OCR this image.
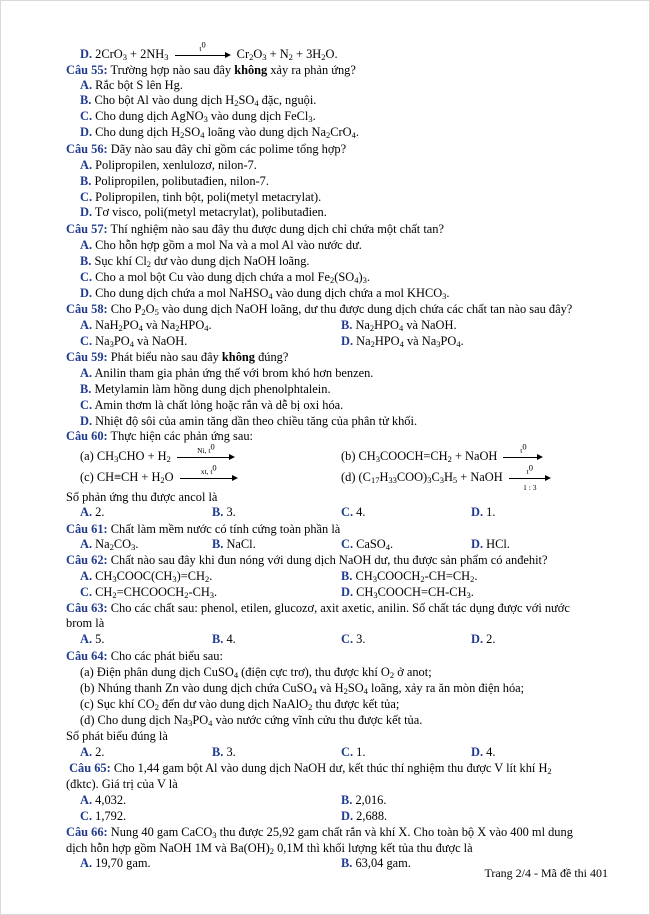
D. $2CrO_3 + 2NH_3$
$t^0$
$Cr_2O_3 + N_2 + 3H_2O$.
Câu 55: Trường hợp nào sau đây không xảy ra phản ứng?
A. Rắc bột S lên Hg.
B. Cho bột Al vào dung dịch $H_2SO_4$ đặc, nguội.
C. Cho dung dịch AgNO$_3$ vào dung dịch FeCl$_3$.
D. Cho dung dịch $H_2SO_4$ loãng vào dung dịch $Na_2CrO_4$.
Câu 56: Dãy nào sau đây chỉ gồm các polime tổng hợp?
A. Polipropilen, xenlulozơ, nilon-7.
B. Polipropilen, polibutađien, nilon-7.
C. Polipropilen, tinh bột, poli(metyl metacrylat).
D. Tơ visco, poli(metyl metacrylat), polibutađien.
Câu 57: Thí nghiệm nào sau đây thu được dung dịch chỉ chứa một chất tan?
A. Cho hỗn hợp gồm a mol Na và a mol Al vào nước dư.
B. Sục khí $Cl_2$ dư vào dung dịch NaOH loãng.
C. Cho a mol bột Cu vào dung dịch chứa a mol $Fe_2(SO_4)_3$.
D. Cho dung dịch chứa a mol NaHSO$_4$ vào dung dịch chứa a mol $KHCO_3$.
Câu 58: Cho $P_2O_5$ vào dung dịch NaOH loãng, dư thu được dung dịch chứa các chất tan nào sau đây?
A. $NaH_2PO_4$ và $Na_2HPO_4$.	B. $Na_2HPO_4$ và NaOH.
C. $Na_3PO_4$ và NaOH.	D. $Na_2HPO_4$ và $Na_3PO_4$.
Câu 59: Phát biểu nào sau đây không đúng?
A. Anilin tham gia phản ứng thế với brom khó hơn benzen.
B. Metylamin làm hồng dung dịch phenolphtalein.
C. Amin thơm là chất lỏng hoặc rắn và dễ bị oxi hóa.
D. Nhiệt độ sôi của amin tăng dần theo chiều tăng của phân tử khối.
Câu 60: Thực hiện các phản ứng sau:
(a) $CH_3CHO + H_2$
Ni, $t^0$
(b) $CH_3COOCH=CH_2$ + NaOH	$t^0$
(c) $CH\equiv CH + H_2O$	xt, $t^0$
(d) $(C_{17}H_{33}COO)_3C_3H_5$ + NaOH $\frac{t^0}{1 : 3}$
Số phản ứng thu được ancol là
A. 2.	B. 3.	C. 4.	D. 1.
Câu 61: Chất làm mềm nước có tính cứng toàn phần là
A. $Na_2CO_3$.	B. NaCl.	C. CaSO$_4$.	D. HCl.
Câu 62: Chất nào sau đây khi đun nóng với dung dịch NaOH dư, thu được sản phẩm có anđehit?
A. $CH_3COOC(CH_3)=CH_2$.	B. $CH_3COOCH_2-CH=CH_2$.
C. $CH_2=CHCOOCH_2-CH_3$.	D. $CH_3COOCH=CH-CH_3$.
Câu 63: Cho các chất sau: phenol, etilen, glucozơ, axit axetic, anilin. Số chất tác dụng được với nước
brom là
A. 5.	B. 4.	C. 3.	D. 2.
Câu 64: Cho các phát biểu sau:
(a) Điện phân dung dịch CuSO$_4$ (điện cực trơ), thu được khí $O_2$ ở anot;
(b) Nhúng thanh Zn vào dung dịch chứa CuSO$_4$ và $H_2SO_4$ loãng, xảy ra ăn mòn điện hóa;
(c) Sục khí $CO_2$ đến dư vào dung dịch NaAlO$_2$ thu được kết tủa;
(d) Cho dung dịch $Na_3PO_4$ vào nước cứng vĩnh cửu thu được kết tủa.
Số phát biểu đúng là
A. 2.	B. 3.	C. 1.	D. 4.
Câu 65: Cho 1,44 gam bột Al vào dung dịch NaOH dư, kết thúc thí nghiệm thu được V lít khí $H_2$
(đktc). Giá trị của V là
A. 4,032.	B. 2,016.
C. 1,792.	D. 2,688.
Câu 66: Nung 40 gam CaCO$_3$ thu được 25,92 gam chất rắn và khí X. Cho toàn bộ X vào 400 ml dung
dịch hỗn hợp gồm NaOH 1M và $Ba(OH)_2$ 0,1M thì khối lượng kết tủa thu được là
A. 19,70 gam.	B. 63,04 gam.
Trang 2/4 - Mã đề thi 401
